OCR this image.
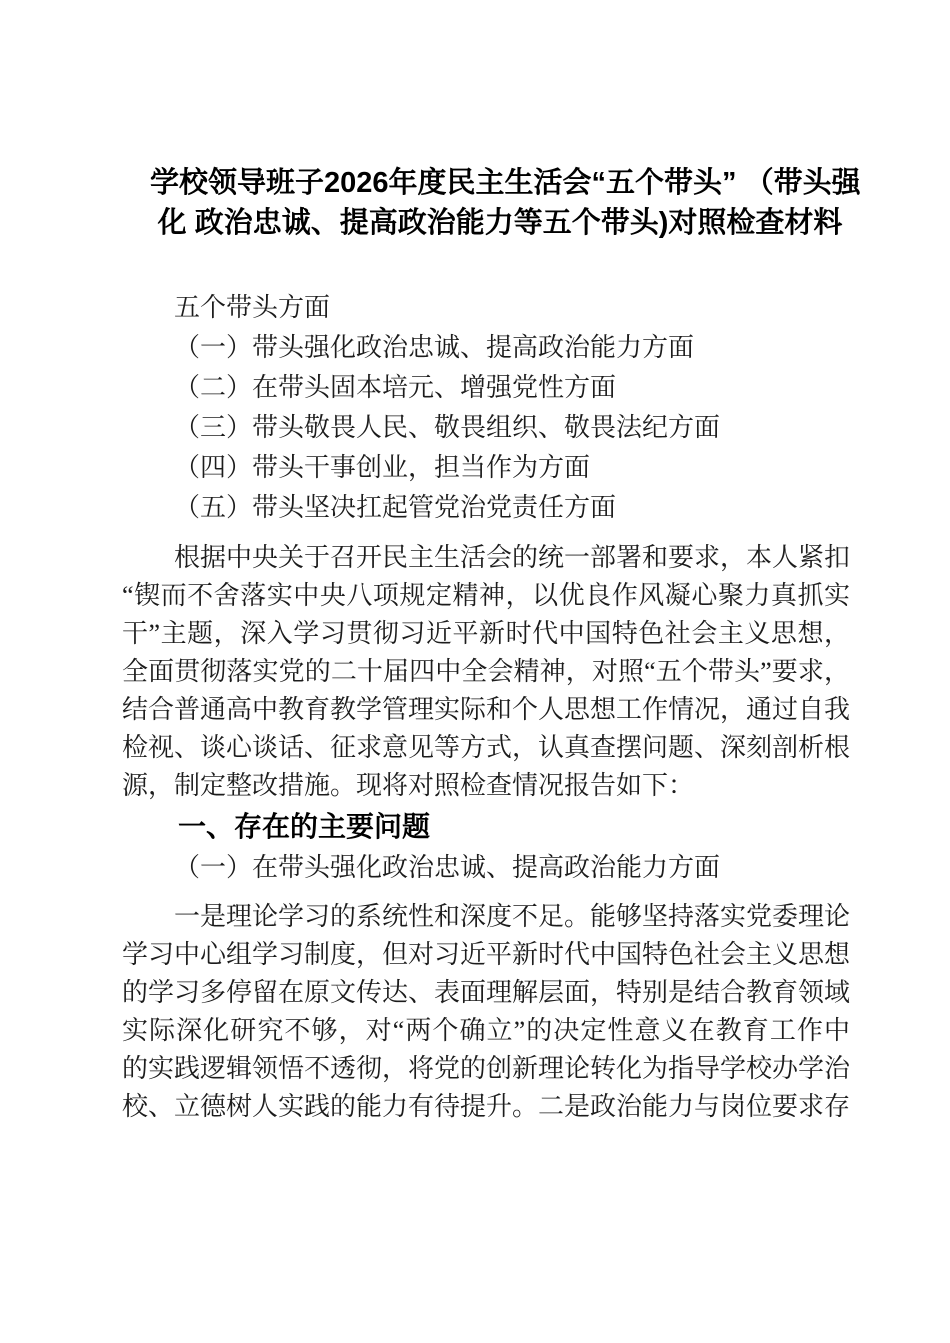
学校领导班子2026年度民主生活会“五个带头” （带头强
化 政治忠诚、提高政治能力等五个带头)对照检查材料
五个带头方面
（一）带头强化政治忠诚、提高政治能力方面
（二）在带头固本培元、增强党性方面
（三）带头敬畏人民、敬畏组织、敬畏法纪方面
（四）带头干事创业，担当作为方面
（五）带头坚决扛起管党治党责任方面
根据中央关于召开民主生活会的统一部署和要求，本人紧扣
“锲而不舍落实中央八项规定精神，以优良作风凝心聚力真抓实
干”主题，深入学习贯彻习近平新时代中国特色社会主义思想，
全面贯彻落实党的二十届四中全会精神，对照“五个带头”要求，
结合普通高中教育教学管理实际和个人思想工作情况，通过自我
检视、谈心谈话、征求意见等方式，认真查摆问题、深刻剖析根
源，制定整改措施。现将对照检查情况报告如下：
一、存在的主要问题
（一）在带头强化政治忠诚、提高政治能力方面
一是理论学习的系统性和深度不足。能够坚持落实党委理论
学习中心组学习制度，但对习近平新时代中国特色社会主义思想
的学习多停留在原文传达、表面理解层面，特别是结合教育领域
实际深化研究不够，对“两个确立”的决定性意义在教育工作中
的实践逻辑领悟不透彻，将党的创新理论转化为指导学校办学治
校、立德树人实践的能力有待提升。二是政治能力与岗位要求存
